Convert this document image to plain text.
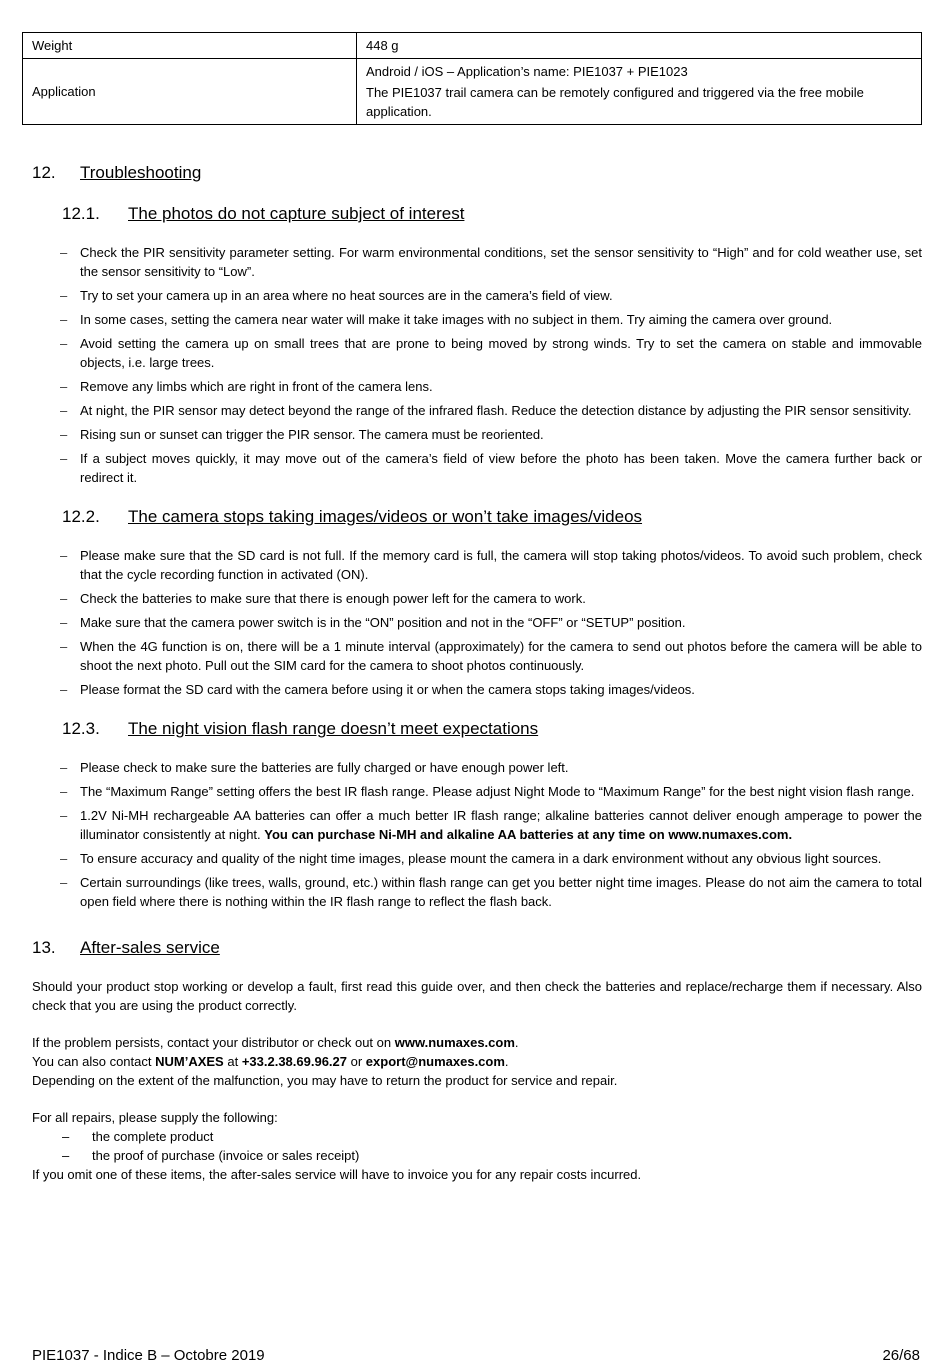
Weight	448 g
Application	Android / iOS – Application’s name: PIE1037 + PIE1023

The PIE1037 trail camera can be remotely configured and triggered via the free mobile application.

12.	Troubleshooting
12.1.	The photos do not capture subject of interest
– Check the PIR sensitivity parameter setting. For warm environmental conditions, set the sensor sensitivity to “High” and for cold weather use, set the sensor sensitivity to “Low”.
– Try to set your camera up in an area where no heat sources are in the camera’s field of view.
– In some cases, setting the camera near water will make it take images with no subject in them. Try aiming the camera over ground.
– Avoid setting the camera up on small trees that are prone to being moved by strong winds. Try to set the camera on stable and immovable objects, i.e. large trees.
– Remove any limbs which are right in front of the camera lens.
– At night, the PIR sensor may detect beyond the range of the infrared flash. Reduce the detection distance by adjusting the PIR sensor sensitivity.
– Rising sun or sunset can trigger the PIR sensor. The camera must be reoriented.
– If a subject moves quickly, it may move out of the camera’s field of view before the photo has been taken. Move the camera further back or redirect it.
12.2.	The camera stops taking images/videos or won’t take images/videos
– Please make sure that the SD card is not full. If the memory card is full, the camera will stop taking photos/videos. To avoid such problem, check that the cycle recording function in activated (ON).
– Check the batteries to make sure that there is enough power left for the camera to work.
– Make sure that the camera power switch is in the “ON” position and not in the “OFF” or “SETUP” position.
– When the 4G function is on, there will be a 1 minute interval (approximately) for the camera to send out photos before the camera will be able to shoot the next photo. Pull out the SIM card for the camera to shoot photos continuously.
– Please format the SD card with the camera before using it or when the camera stops taking images/videos.
12.3.	The night vision flash range doesn’t meet expectations
– Please check to make sure the batteries are fully charged or have enough power left.
– The “Maximum Range” setting offers the best IR flash range. Please adjust Night Mode to “Maximum Range” for the best night vision flash range.
– 1.2V Ni-MH rechargeable AA batteries can offer a much better IR flash range; alkaline batteries cannot deliver enough amperage to power the illuminator consistently at night. You can purchase Ni-MH and alkaline AA batteries at any time on www.numaxes.com.
– To ensure accuracy and quality of the night time images, please mount the camera in a dark environment without any obvious light sources.
– Certain surroundings (like trees, walls, ground, etc.) within flash range can get you better night time images. Please do not aim the camera to total open field where there is nothing within the IR flash range to reflect the flash back.
13.	After-sales service

Should your product stop working or develop a fault, first read this guide over, and then check the batteries and replace/recharge them if necessary. Also check that you are using the product correctly.

If the problem persists, contact your distributor or check out on www.numaxes.com.

You can also contact NUM’AXES at +33.2.38.69.96.27 or export@numaxes.com.

Depending on the extent of the malfunction, you may have to return the product for service and repair.

For all repairs, please supply the following:

– the complete product
– the proof of purchase (invoice or sales receipt)

If you omit one of these items, the after-sales service will have to invoice you for any repair costs incurred.

PIE1037 - Indice B – Octobre 2019	26/68
